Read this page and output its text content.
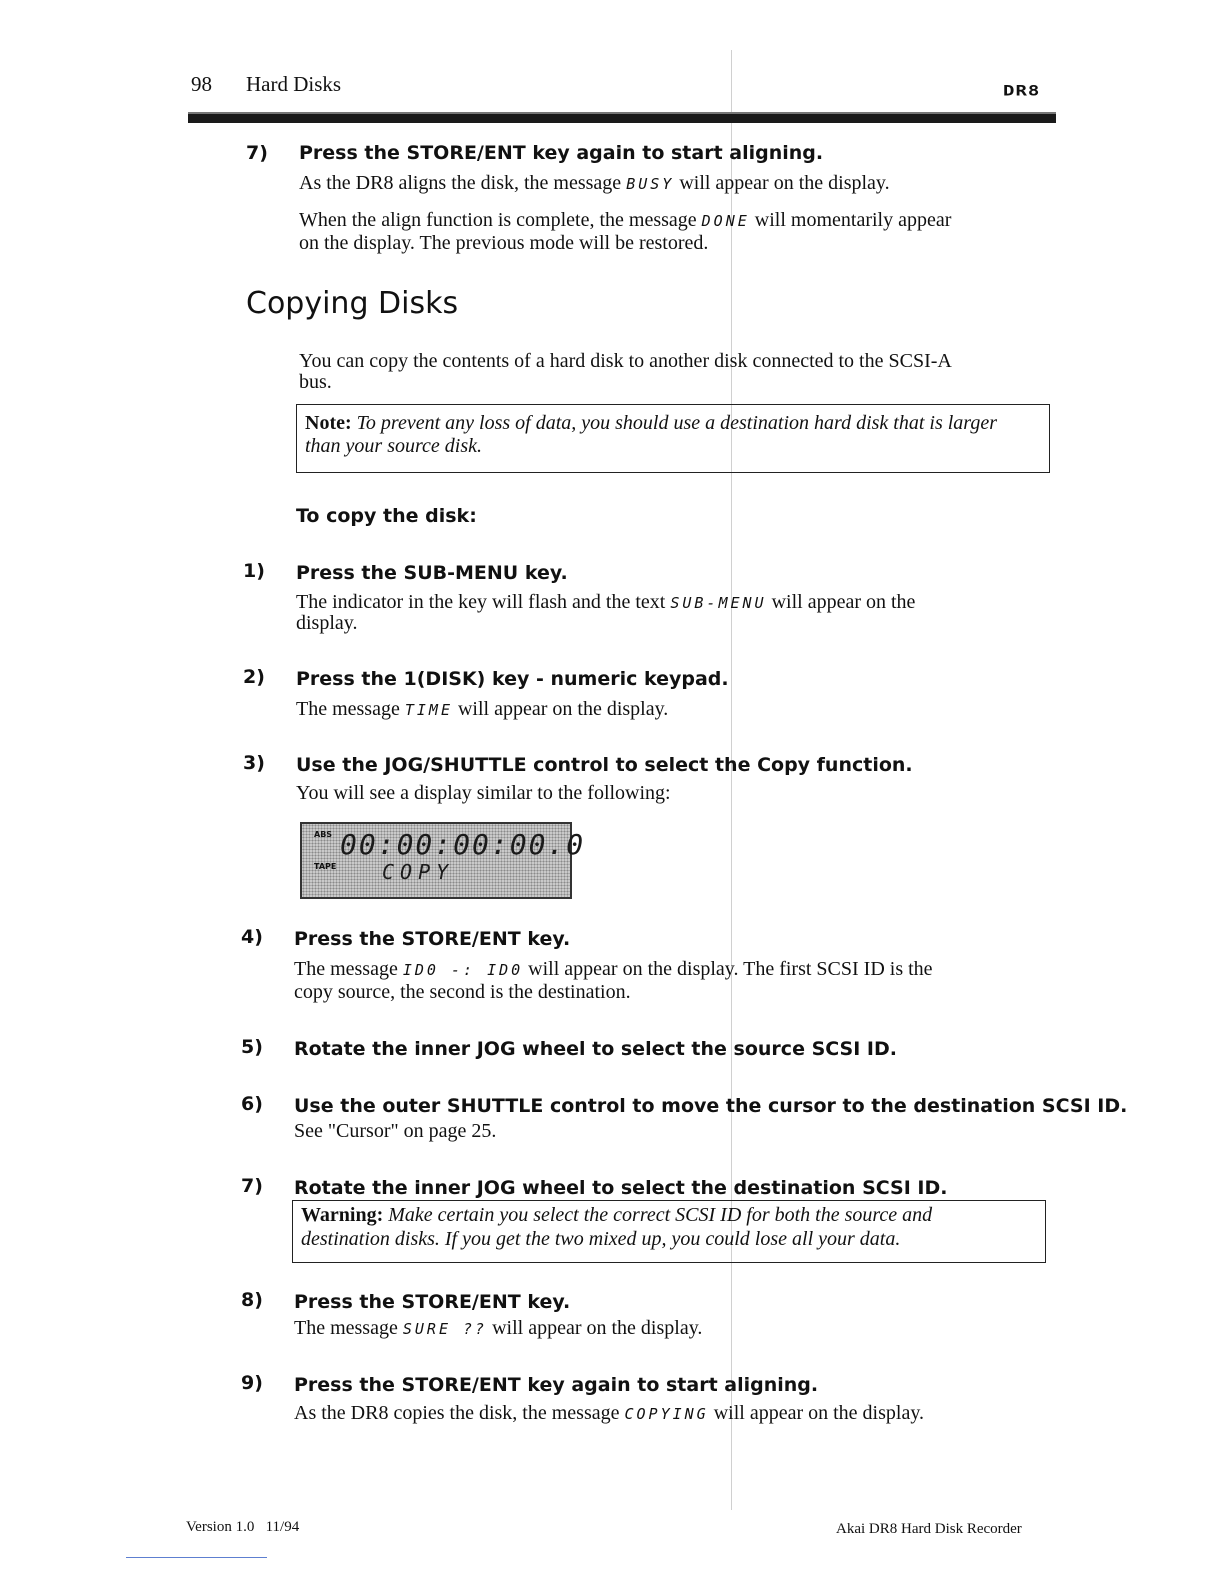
98 Hard Disks	DR8
7) Press the STORE/ENT key again to start aligning.
As the DR8 aligns the disk, the message BUSY will appear on the display.
When the align function is complete, the message DONE will momentarily appear
on the display. The previous mode will be restored.
Copying Disks
You can copy the contents of a hard disk to another disk connected to the SCSI-A
bus.
Note: To prevent any loss of data, you should use a destination hard disk that is larger
than your source disk.
To copy the disk:
1) Press the SUB-MENU key.
The indicator in the key will flash and the text SUB-MENU will appear on the
display.
2) Press the 1(DISK) key - numeric keypad.
The message TIME will appear on the display.
3) Use the JOG/SHUTTLE control to select the Copy function.
You will see a display similar to the following:
ABS
TAPE
00:00:00:00.0
COPY
4) Press the STORE/ENT key.
The message ID0 -: ID0 will appear on the display. The first SCSI ID is the
copy source, the second is the destination.
5) Rotate the inner JOG wheel to select the source SCSI ID.
6) Use the outer SHUTTLE control to move the cursor to the destination SCSI ID.
See "Cursor" on page 25.
7) Rotate the inner JOG wheel to select the destination SCSI ID.
Warning: Make certain you select the correct SCSI ID for both the source and
destination disks. If you get the two mixed up, you could lose all your data.
8) Press the STORE/ENT key.
The message SURE ?? will appear on the display.
9) Press the STORE/ENT key again to start aligning.
As the DR8 copies the disk, the message COPYING will appear on the display.
Version 1.0   11/94	Akai DR8 Hard Disk Recorder
